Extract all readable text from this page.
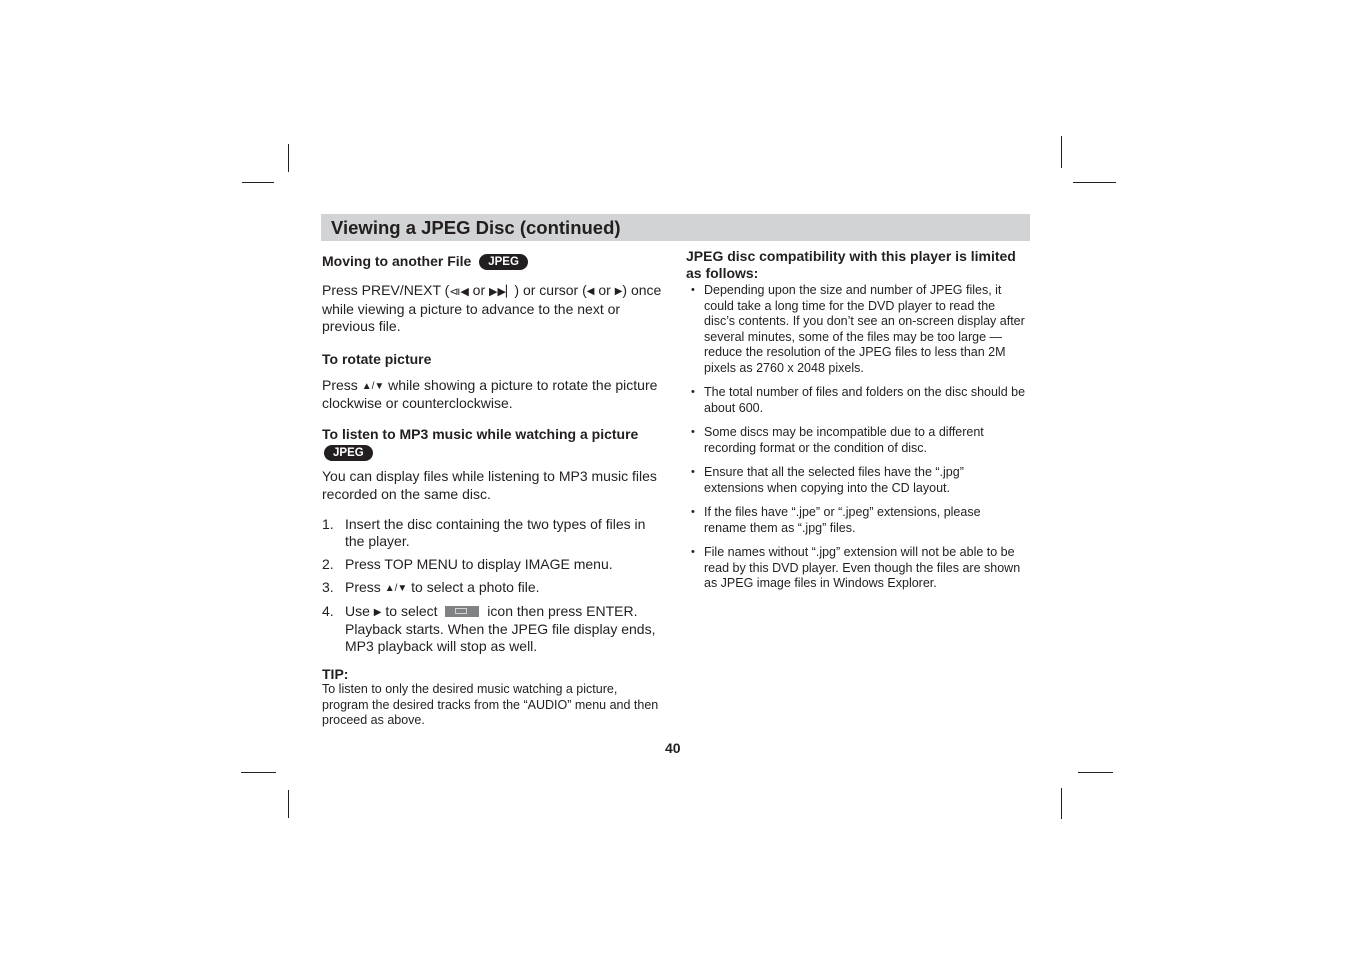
Viewing a JPEG Disc (continued)

Moving to another File JPEG

Press PREV/NEXT (⧏◀ or ▶▶▏) or cursor (◀ or ▶) once while viewing a picture to advance to the next or previous file.

To rotate picture

Press ▲/▼ while showing a picture to rotate the picture clockwise or counterclockwise.

To listen to MP3 music while watching a picture
JPEG

You can display files while listening to MP3 music files recorded on the same disc.

1. Insert the disc containing the two types of files in the player.
2. Press TOP MENU to display IMAGE menu.
3. Press ▲/▼ to select a photo file.
4. Use ▶ to select	icon then press ENTER. Playback starts. When the JPEG file display ends, MP3 playback will stop as well.

TIP:

To listen to only the desired music watching a picture, program the desired tracks from the “AUDIO” menu and then proceed as above.

JPEG disc compatibility with this player is limited as follows:

• Depending upon the size and number of JPEG files, it could take a long time for the DVD player to read the disc’s contents. If you don’t see an on-screen display after several minutes, some of the files may be too large — reduce the resolution of the JPEG files to less than 2M pixels as 2760 x 2048 pixels.
• The total number of files and folders on the disc should be about 600.
• Some discs may be incompatible due to a different recording format or the condition of disc.
• Ensure that all the selected files have the “.jpg” extensions when copying into the CD layout.
• If the files have “.jpe” or “.jpeg” extensions, please rename them as “.jpg” files.
• File names without “.jpg” extension will not be able to be read by this DVD player. Even though the files are shown as JPEG image files in Windows Explorer.
40
